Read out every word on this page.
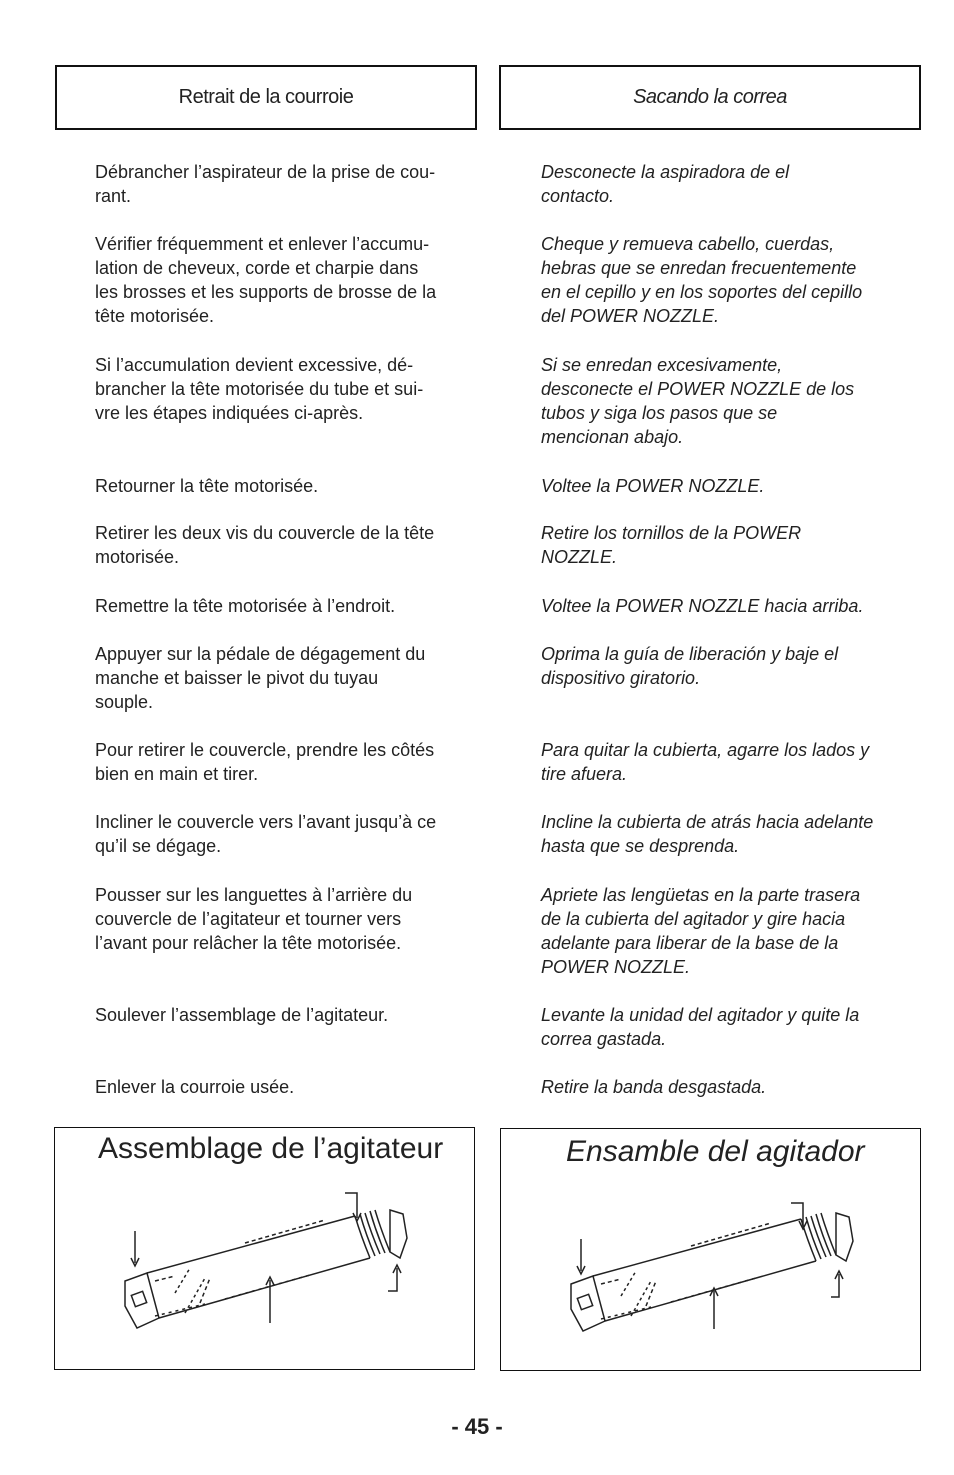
Retrait de la courroie	Sacando la correa

Débrancher l’aspirateur de la prise de cou-
rant.

Vérifier fréquemment et enlever l’accumu-
lation de cheveux, corde et charpie dans
les brosses et les supports de brosse de la
tête motorisée.

Si l’accumulation devient excessive, dé-
brancher la tête motorisée du tube et sui-
vre les étapes indiquées ci-après.

Retourner la tête motorisée.

Retirer les deux vis du couvercle de la tête
motorisée.

Remettre la tête motorisée à l’endroit.

Appuyer sur la pédale de dégagement du
manche et baisser le pivot du tuyau
souple.

Pour retirer le couvercle, prendre les côtés
bien en main et tirer.

Incliner le couvercle vers l’avant jusqu’à ce
qu’il se dégage.

Pousser sur les languettes à l’arrière du
couvercle de l’agitateur et tourner vers
l’avant pour relâcher la tête motorisée.

Soulever l’assemblage de l’agitateur.

Enlever la courroie usée.

Desconecte la aspiradora de el
contacto.

Cheque y remueva cabello, cuerdas,
hebras que se enredan frecuentemente
en el cepillo y en los soportes del cepillo
del POWER NOZZLE.

Si se enredan excesivamente,
desconecte el POWER NOZZLE de los
tubos y siga los pasos que se
mencionan abajo.

Voltee la POWER NOZZLE.

Retire los tornillos de la POWER
NOZZLE.

Voltee la POWER NOZZLE hacia arriba.

Oprima la guía de liberación y baje el
dispositivo giratorio.

Para quitar la cubierta, agarre los lados y
tire afuera.

Incline la cubierta de atrás hacia adelante
hasta que se desprenda.

Apriete las lengüetas en la parte trasera
de la cubierta del agitador y gire hacia
adelante para liberar de la base de la
POWER NOZZLE.

Levante la unidad del agitador y quite la
correa gastada.

Retire la banda desgastada.

Assemblage de l’agitateur	Ensamble del agitador
- 45 -
